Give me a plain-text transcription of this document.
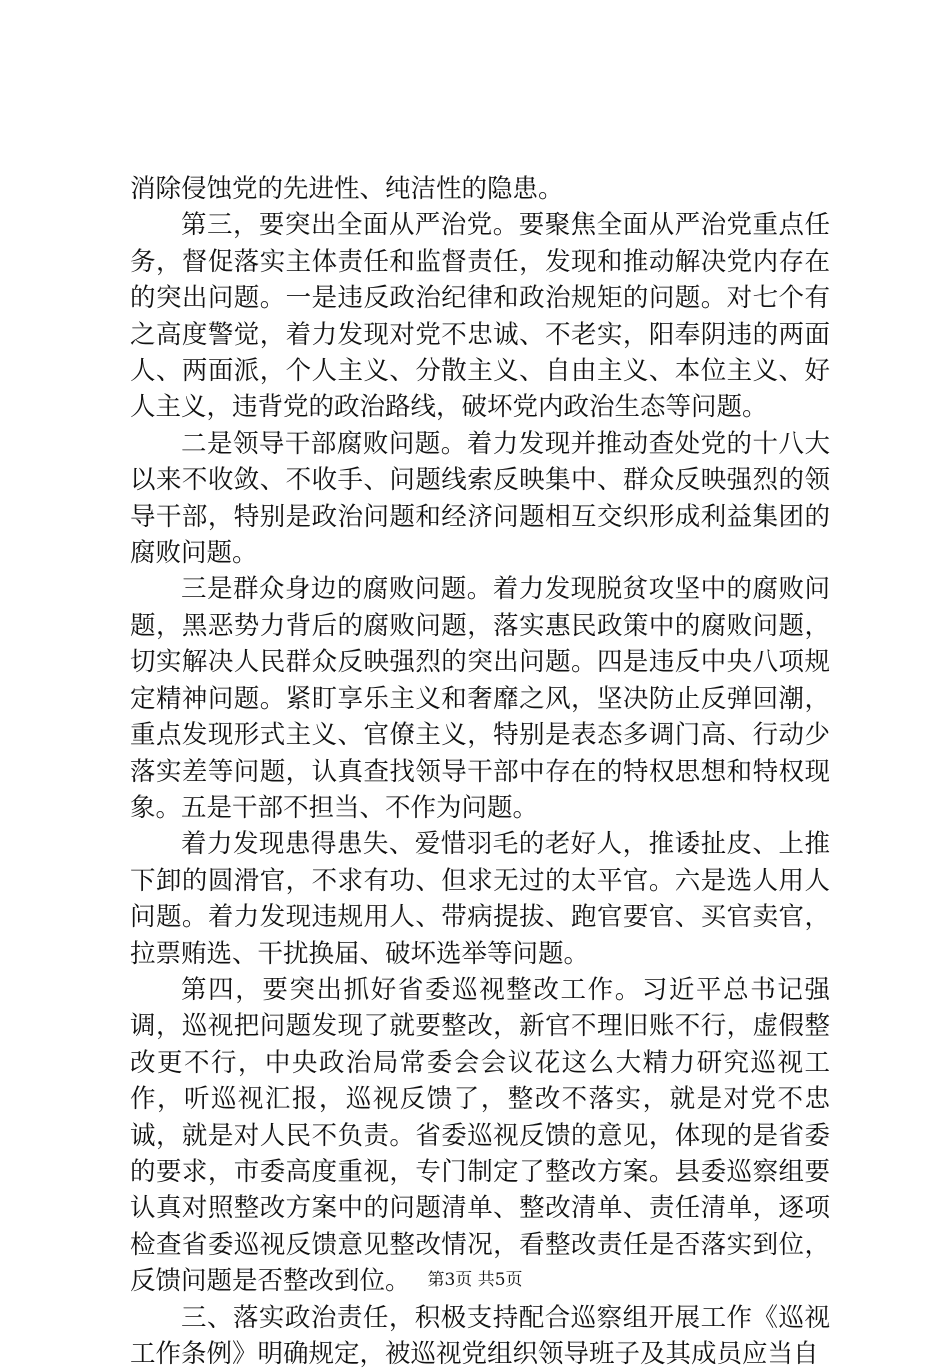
消除侵蚀党的先进性、纯洁性的隐患。

第三，要突出全面从严治党。要聚焦全面从严治党重点任务，督促落实主体责任和监督责任，发现和推动解决党内存在的突出问题。一是违反政治纪律和政治规矩的问题。对七个有之高度警觉，着力发现对党不忠诚、不老实，阳奉阴违的两面人、两面派，个人主义、分散主义、自由主义、本位主义、好人主义，违背党的政治路线，破坏党内政治生态等问题。

二是领导干部腐败问题。着力发现并推动查处党的十八大以来不收敛、不收手、问题线索反映集中、群众反映强烈的领导干部，特别是政治问题和经济问题相互交织形成利益集团的腐败问题。

三是群众身边的腐败问题。着力发现脱贫攻坚中的腐败问题，黑恶势力背后的腐败问题，落实惠民政策中的腐败问题，切实解决人民群众反映强烈的突出问题。四是违反中央八项规定精神问题。紧盯享乐主义和奢靡之风，坚决防止反弹回潮，重点发现形式主义、官僚主义，特别是表态多调门高、行动少落实差等问题，认真查找领导干部中存在的特权思想和特权现象。五是干部不担当、不作为问题。

着力发现患得患失、爱惜羽毛的老好人，推诿扯皮、上推下卸的圆滑官，不求有功、但求无过的太平官。六是选人用人问题。着力发现违规用人、带病提拔、跑官要官、买官卖官，拉票贿选、干扰换届、破坏选举等问题。

第四，要突出抓好省委巡视整改工作。习近平总书记强调，巡视把问题发现了就要整改，新官不理旧账不行，虚假整改更不行，中央政治局常委会会议花这么大精力研究巡视工作，听巡视汇报，巡视反馈了，整改不落实，就是对党不忠诚，就是对人民不负责。省委巡视反馈的意见，体现的是省委的要求，市委高度重视，专门制定了整改方案。县委巡察组要认真对照整改方案中的问题清单、整改清单、责任清单，逐项检查省委巡视反馈意见整改情况，看整改责任是否落实到位，反馈问题是否整改到位。

三、落实政治责任，积极支持配合巡察组开展工作《巡视工作条例》明确规定，被巡视党组织领导班子及其成员应当自

第3页 共5页
